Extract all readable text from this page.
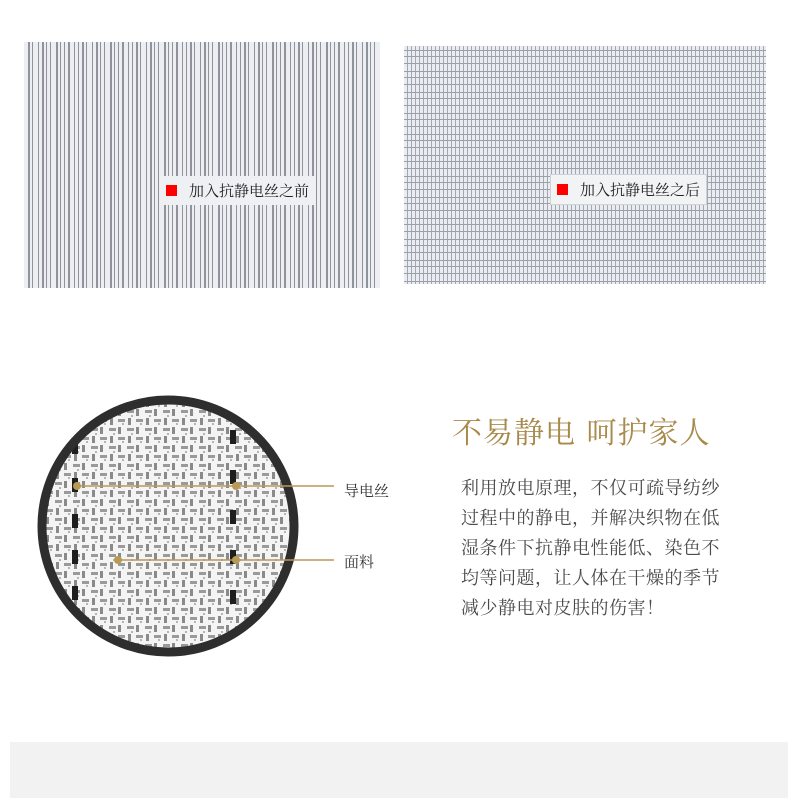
加入抗静电丝之前	加入抗静电丝之后
导电丝
面料
不易静电 呵护家人

利用放电原理，不仅可疏导纺纱过程中的静电，并解决织物在低湿条件下抗静电性能低、染色不均等问题，让人体在干燥的季节减少静电对皮肤的伤害！
